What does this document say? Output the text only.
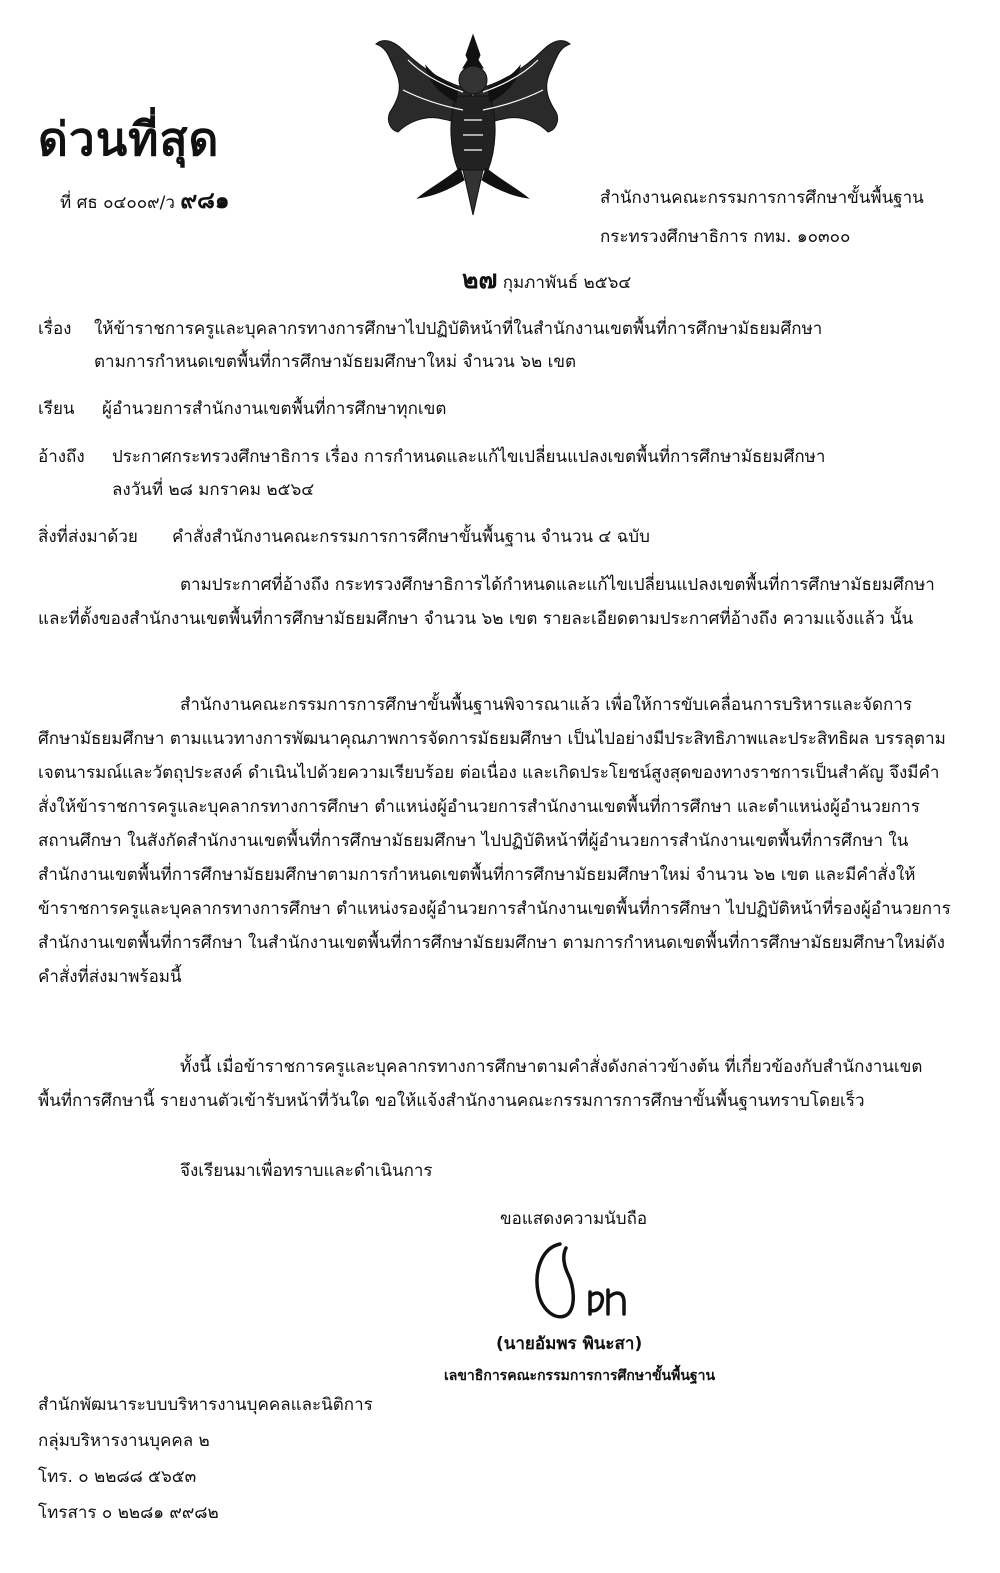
ด่วนที่สุด
ที่ ศธ ๐๔๐๐๙/ว ๙๘๑	สำนักงานคณะกรรมการการศึกษาขั้นพื้นฐาน
กระทรวงศึกษาธิการ กทม. ๑๐๓๐๐
๒๗ กุมภาพันธ์ ๒๕๖๔
เรื่อง ให้ข้าราชการครูและบุคลากรทางการศึกษาไปปฏิบัติหน้าที่ในสำนักงานเขตพื้นที่การศึกษามัธยมศึกษา
ตามการกำหนดเขตพื้นที่การศึกษามัธยมศึกษาใหม่ จำนวน ๖๒ เขต
เรียน ผู้อำนวยการสำนักงานเขตพื้นที่การศึกษาทุกเขต
อ้างถึง ประกาศกระทรวงศึกษาธิการ เรื่อง การกำหนดและแก้ไขเปลี่ยนแปลงเขตพื้นที่การศึกษามัธยมศึกษา
ลงวันที่ ๒๘ มกราคม ๒๕๖๔
สิ่งที่ส่งมาด้วย คำสั่งสำนักงานคณะกรรมการการศึกษาขั้นพื้นฐาน จำนวน ๔ ฉบับ
ตามประกาศที่อ้างถึง กระทรวงศึกษาธิการได้กำหนดและแก้ไขเปลี่ยนแปลงเขตพื้นที่การศึกษามัธยมศึกษา และที่ตั้งของสำนักงานเขตพื้นที่การศึกษามัธยมศึกษา จำนวน ๖๒ เขต รายละเอียดตามประกาศที่อ้างถึง ความแจ้งแล้ว นั้น
สำนักงานคณะกรรมการการศึกษาขั้นพื้นฐานพิจารณาแล้ว เพื่อให้การขับเคลื่อนการบริหารและจัดการศึกษามัธยมศึกษา ตามแนวทางการพัฒนาคุณภาพการจัดการมัธยมศึกษา เป็นไปอย่างมีประสิทธิภาพและประสิทธิผล บรรลุตามเจตนารมณ์และวัตถุประสงค์ ดำเนินไปด้วยความเรียบร้อย ต่อเนื่อง และเกิดประโยชน์สูงสุดของทางราชการเป็นสำคัญ จึงมีคำสั่งให้ข้าราชการครูและบุคลากรทางการศึกษา ตำแหน่งผู้อำนวยการสำนักงานเขตพื้นที่การศึกษา และตำแหน่งผู้อำนวยการสถานศึกษา ในสังกัดสำนักงานเขตพื้นที่การศึกษามัธยมศึกษา ไปปฏิบัติหน้าที่ผู้อำนวยการสำนักงานเขตพื้นที่การศึกษา ในสำนักงานเขตพื้นที่การศึกษามัธยมศึกษาตามการกำหนดเขตพื้นที่การศึกษามัธยมศึกษาใหม่ จำนวน ๖๒ เขต และมีคำสั่งให้ข้าราชการครูและบุคลากรทางการศึกษา ตำแหน่งรองผู้อำนวยการสำนักงานเขตพื้นที่การศึกษา ไปปฏิบัติหน้าที่รองผู้อำนวยการสำนักงานเขตพื้นที่การศึกษา ในสำนักงานเขตพื้นที่การศึกษามัธยมศึกษา ตามการกำหนดเขตพื้นที่การศึกษามัธยมศึกษาใหม่ดังคำสั่งที่ส่งมาพร้อมนี้
ทั้งนี้ เมื่อข้าราชการครูและบุคลากรทางการศึกษาตามคำสั่งดังกล่าวข้างต้น ที่เกี่ยวข้องกับสำนักงานเขตพื้นที่การศึกษานี้ รายงานตัวเข้ารับหน้าที่วันใด ขอให้แจ้งสำนักงานคณะกรรมการการศึกษาขั้นพื้นฐานทราบโดยเร็ว
จึงเรียนมาเพื่อทราบและดำเนินการ
ขอแสดงความนับถือ
(นายอัมพร พินะสา)
เลขาธิการคณะกรรมการการศึกษาขั้นพื้นฐาน
สำนักพัฒนาระบบบริหารงานบุคคลและนิติการ
กลุ่มบริหารงานบุคคล ๒
โทร. ๐ ๒๒๘๘ ๕๖๕๓
โทรสาร ๐ ๒๒๘๑ ๙๙๘๒
